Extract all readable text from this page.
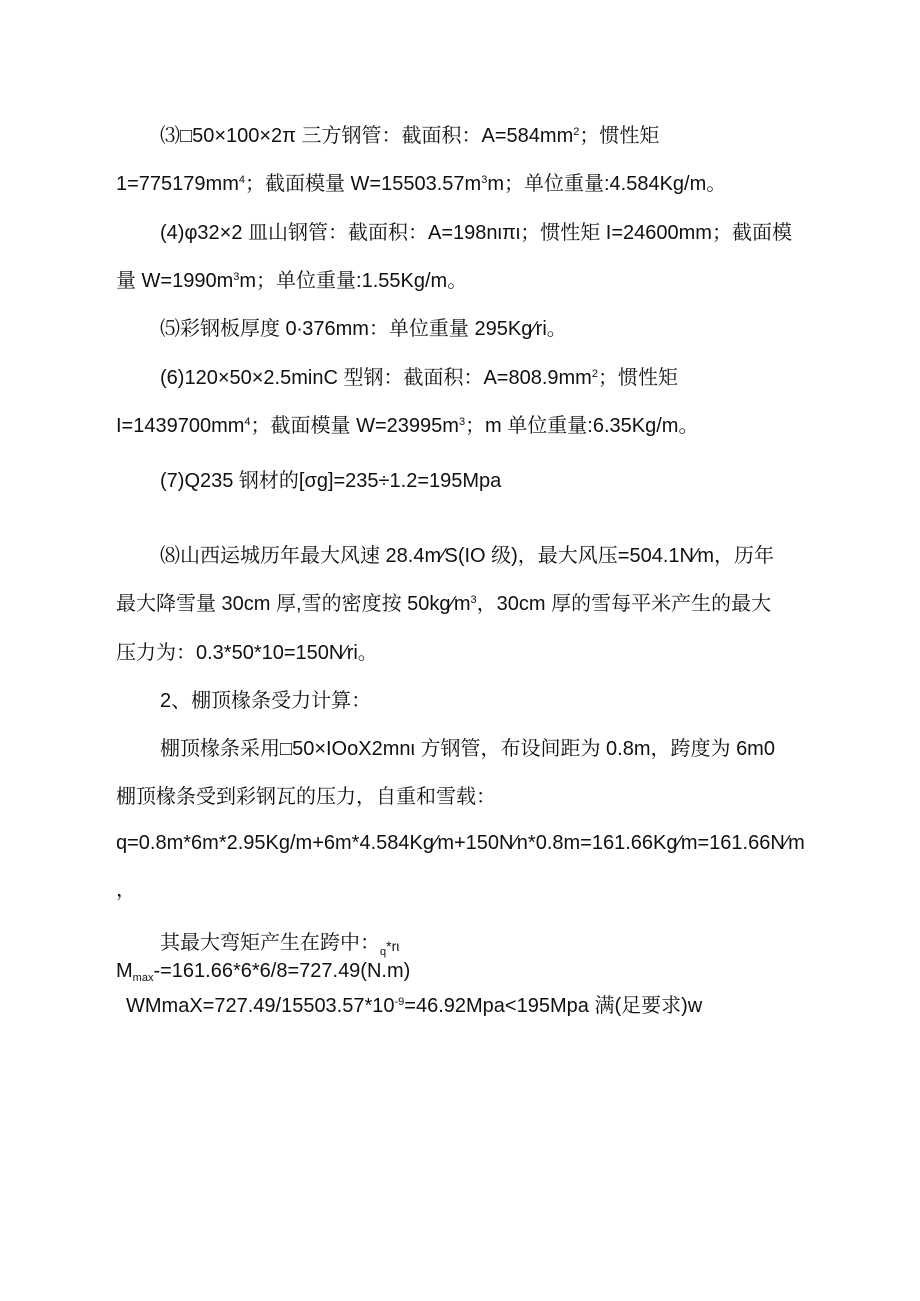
⑶□50×100×2π 三方钢管：截面积：$A=584mm^2$；惯性矩
$1=775179mm^4$；截面模量 $W=15503.57m^3m$；单位重量:4.584Kg/m。
(4)φ32×2 皿山钢管：截面积：A=198nιπι；惯性矩 I=24600mm；截面模
量 $W=1990m^3m$；单位重量:1.55Kg/m。
⑸彩钢板厚度 0∙376mm：单位重量 295Kg∕ri。
(6)120×50×2.5minC 型钢：截面积：$A=808.9mm^2$；惯性矩
$I=1439700mm^4$；截面模量 $W=23995m^3$；m 单位重量:6.35Kg/m。
(7)Q235 钢材的[σg]=235÷1.2=195Mpa
⑻山西运城历年最大风速 28.4m∕S(IO 级)，最大风压=504.1N∕m，历年
最大降雪量 30cm 厚,雪的密度按 $50kg∕m^3$，30cm 厚的雪每平米产生的最大
压力为：0.3*50*10=150N∕ri。
2、棚顶椽条受力计算：
棚顶椽条采用□50×IOoX2mnι 方钢管，布设间距为 0.8m，跨度为 6m0
棚顶椽条受到彩钢瓦的压力，自重和雪载：
q=0.8m*6m*2.95Kg/m+6m*4.584Kg∕m+150N∕n*0.8m=161.66Kg∕m=161.66N∕m
，
其最大弯矩产生在跨中：$_q$*rι
$M_{max}-=161.66*6*6/8=727.49(N.m)$
$WMmaX=727.49/15503.57*10^{-9}=46.92Mpa<195Mpa$ 满(足要求)w
